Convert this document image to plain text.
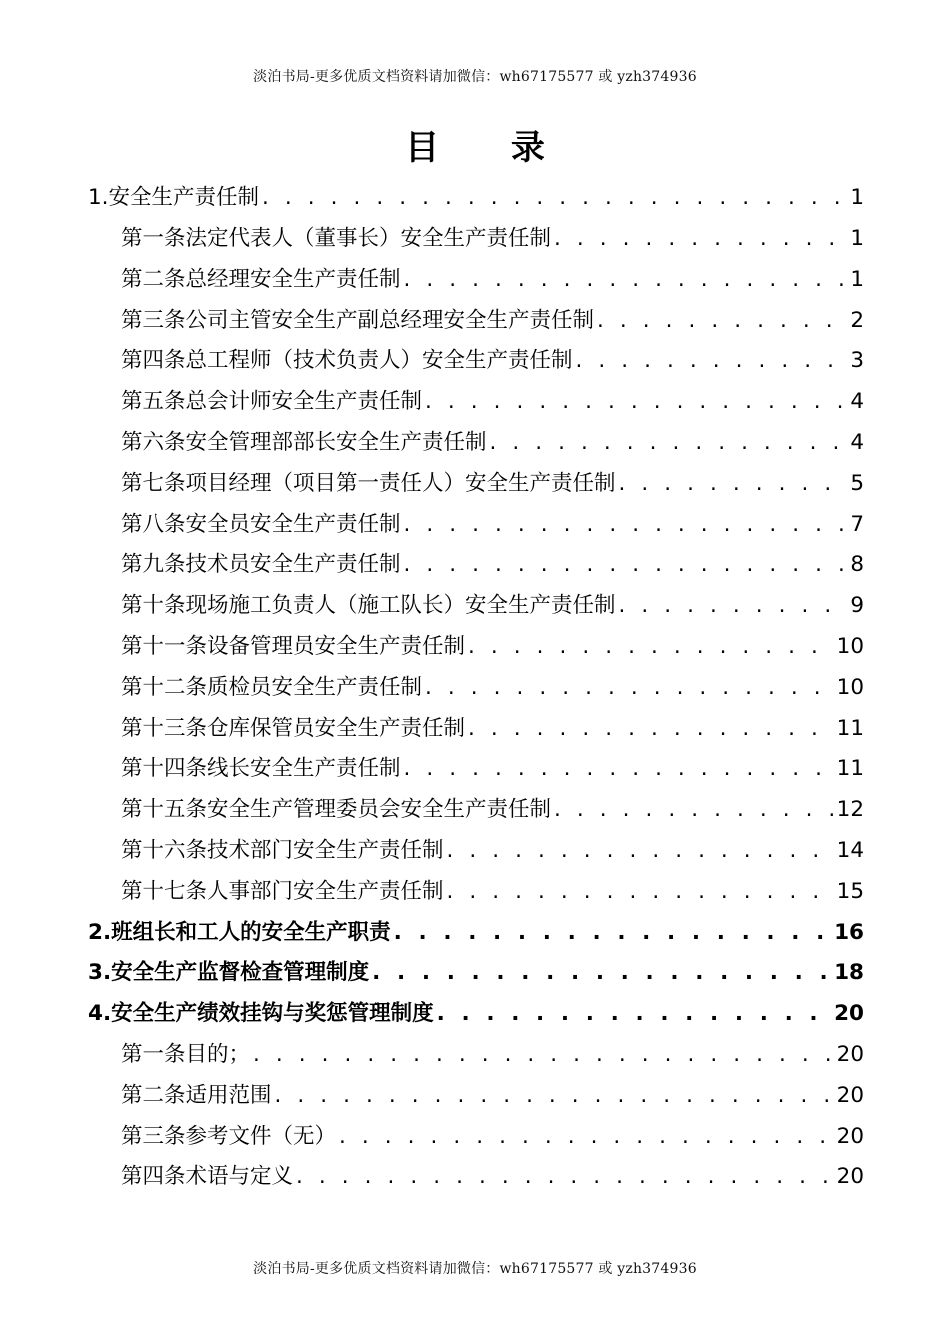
淡泊书局-更多优质文档资料请加微信：wh67175577 或 yzh374936
目 录
1.安全生产责任制 . . .	1
第一条法定代表人（董事长）安全生产责任制 . . .	1
第二条总经理安全生产责任制 . . .	1
第三条公司主管安全生产副总经理安全生产责任制 . . .	2
第四条总工程师（技术负责人）安全生产责任制 . . .	3
第五条总会计师安全生产责任制 . . .	4
第六条安全管理部部长安全生产责任制 . . .	4
第七条项目经理（项目第一责任人）安全生产责任制 . . .	5
第八条安全员安全生产责任制 . . .	7
第九条技术员安全生产责任制 . . .	8
第十条现场施工负责人（施工队长）安全生产责任制 . . .	9
第十一条设备管理员安全生产责任制 . . .	10
第十二条质检员安全生产责任制 . . .	10
第十三条仓库保管员安全生产责任制 . . .	11
第十四条线长安全生产责任制 . . .	11
第十五条安全生产管理委员会安全生产责任制 . . .	12
第十六条技术部门安全生产责任制 . . .	14
第十七条人事部门安全生产责任制 . . .	15
2.班组长和工人的安全生产职责 . . .	16
3.安全生产监督检查管理制度 . . .	18
4.安全生产绩效挂钩与奖惩管理制度 . . .	20
第一条目的； . . .	20
第二条适用范围 . . .	20
第三条参考文件（无） . . .	20
第四条术语与定义 . . .	20
淡泊书局-更多优质文档资料请加微信：wh67175577 或 yzh374936
